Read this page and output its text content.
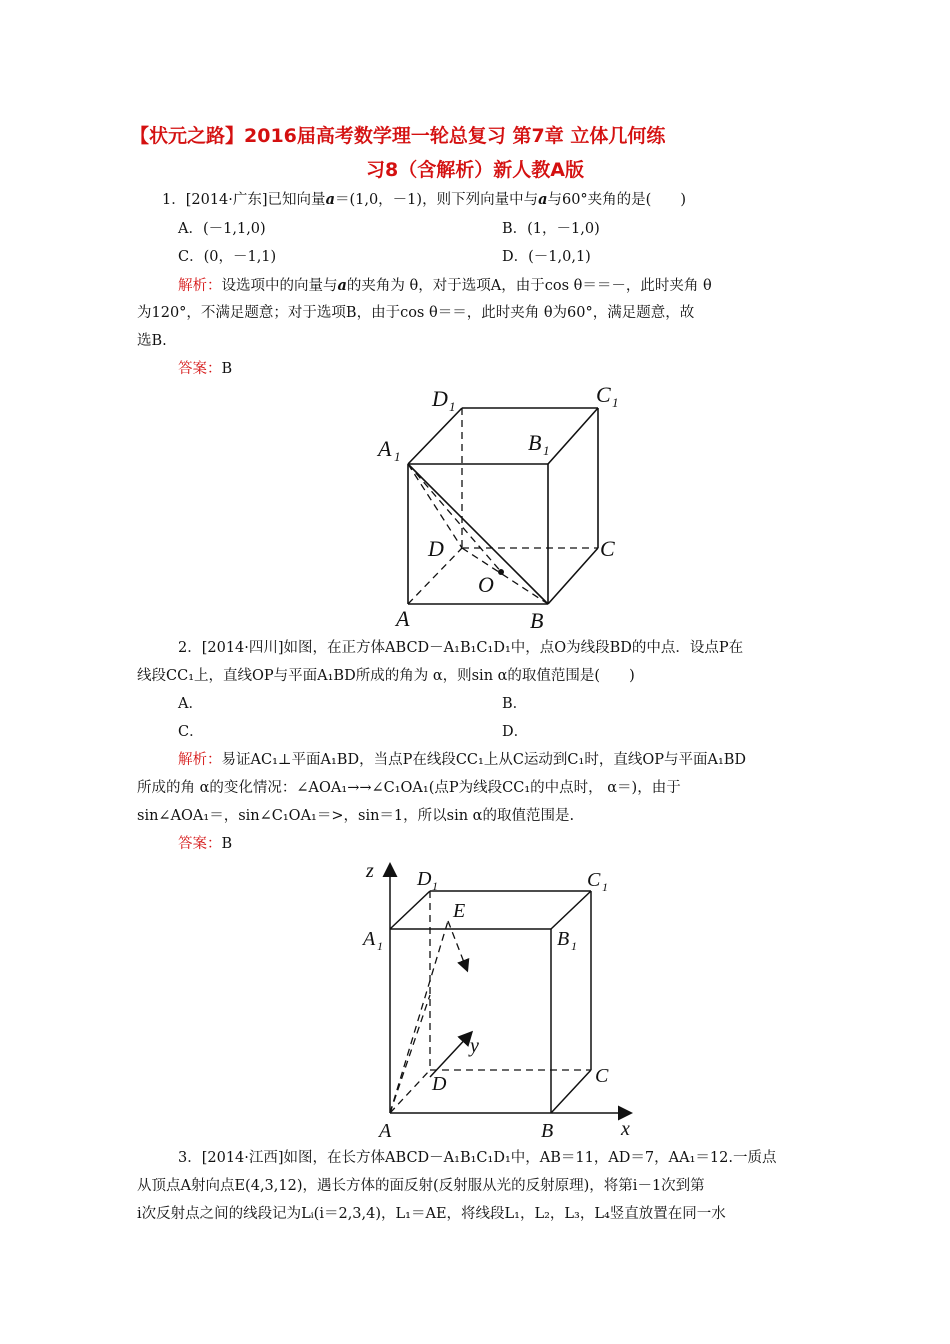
【状元之路】2016届高考数学理一轮总复习 第7章 立体几何练
习8（含解析）新人教A版
1．[2014·广东]已知向量a＝(1,0，－1)，则下列向量中与a与60°夹角的是(　　)
A．(－1,1,0)	B．(1，－1,0)
C．(0，－1,1)	D．(－1,0,1)
解析：设选项中的向量与a的夹角为 θ，对于选项A，由于cos θ＝＝－，此时夹角 θ
为120°，不满足题意；对于选项B，由于cos θ＝＝，此时夹角 θ为60°，满足题意，故
选B.
答案：B
D 1	C 1
A 1
B 1
D	C
O
A	B
2．[2014·四川]如图，在正方体ABCD－A₁B₁C₁D₁中，点O为线段BD的中点．设点P在
线段CC₁上，直线OP与平面A₁BD所成的角为 α，则sin α的取值范围是(　　)
A．	B．
C．	D．
解析：易证AC₁⊥平面A₁BD，当点P在线段CC₁上从C运动到C₁时，直线OP与平面A₁BD
所成的角 α的变化情况：∠AOA₁→→∠C₁OA₁(点P为线段CC₁的中点时， α＝)，由于
sin∠AOA₁＝，sin∠C₁OA₁＝>，sin＝1，所以sin α的取值范围是.
答案：B
z D 1	C 1
E
A 1	B 1
y
D	C
A	B	x
3．[2014·江西]如图，在长方体ABCD－A₁B₁C₁D₁中，AB＝11，AD＝7，AA₁＝12.一质点
从顶点A射向点E(4,3,12)，遇长方体的面反射(反射服从光的反射原理)，将第i－1次到第
i次反射点之间的线段记为Lᵢ(i＝2,3,4)，L₁＝AE，将线段L₁，L₂，L₃，L₄竖直放置在同一水
